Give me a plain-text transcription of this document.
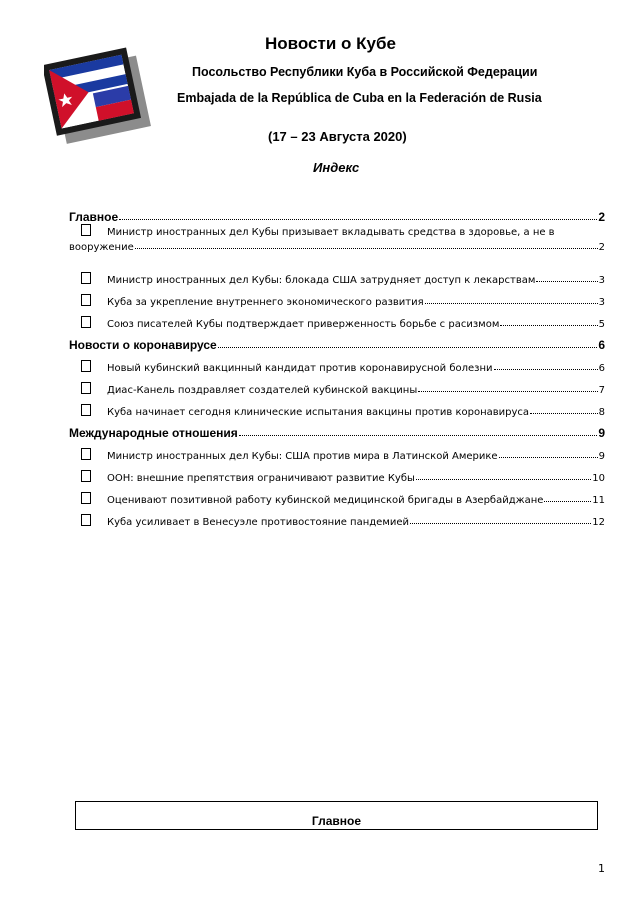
Новости о Кубе
Посольство Республики Куба в Российской Федерации
Embajada de la República de Cuba en la Federación de Rusia
(17 – 23 Августа 2020)
Индекс
Главное	2
Министр иностранных дел Кубы призывает вкладывать средства в здоровье, а не в
вооружение	2
Министр иностранных дел Кубы: блокада США затрудняет доступ к лекарствам	3
Куба за укрепление внутреннего экономического развития	3
Союз писателей Кубы подтверждает приверженность борьбе с расизмом	5
Новости о коронавирусе	6
Новый кубинский вакцинный кандидат против коронавирусной болезни	6
Диас-Канель поздравляет создателей кубинской вакцины	7
Куба начинает сегодня клинические испытания вакцины против коронавируса	8
Международные отношения	9
Министр иностранных дел Кубы: США против мира в Латинской Америке	9
ООН: внешние препятствия ограничивают развитие Кубы	10
Оценивают позитивной работу кубинской медицинской бригады в Азербайджане	11
Куба усиливает в Венесуэле противостояние пандемией	12
Главное
1
